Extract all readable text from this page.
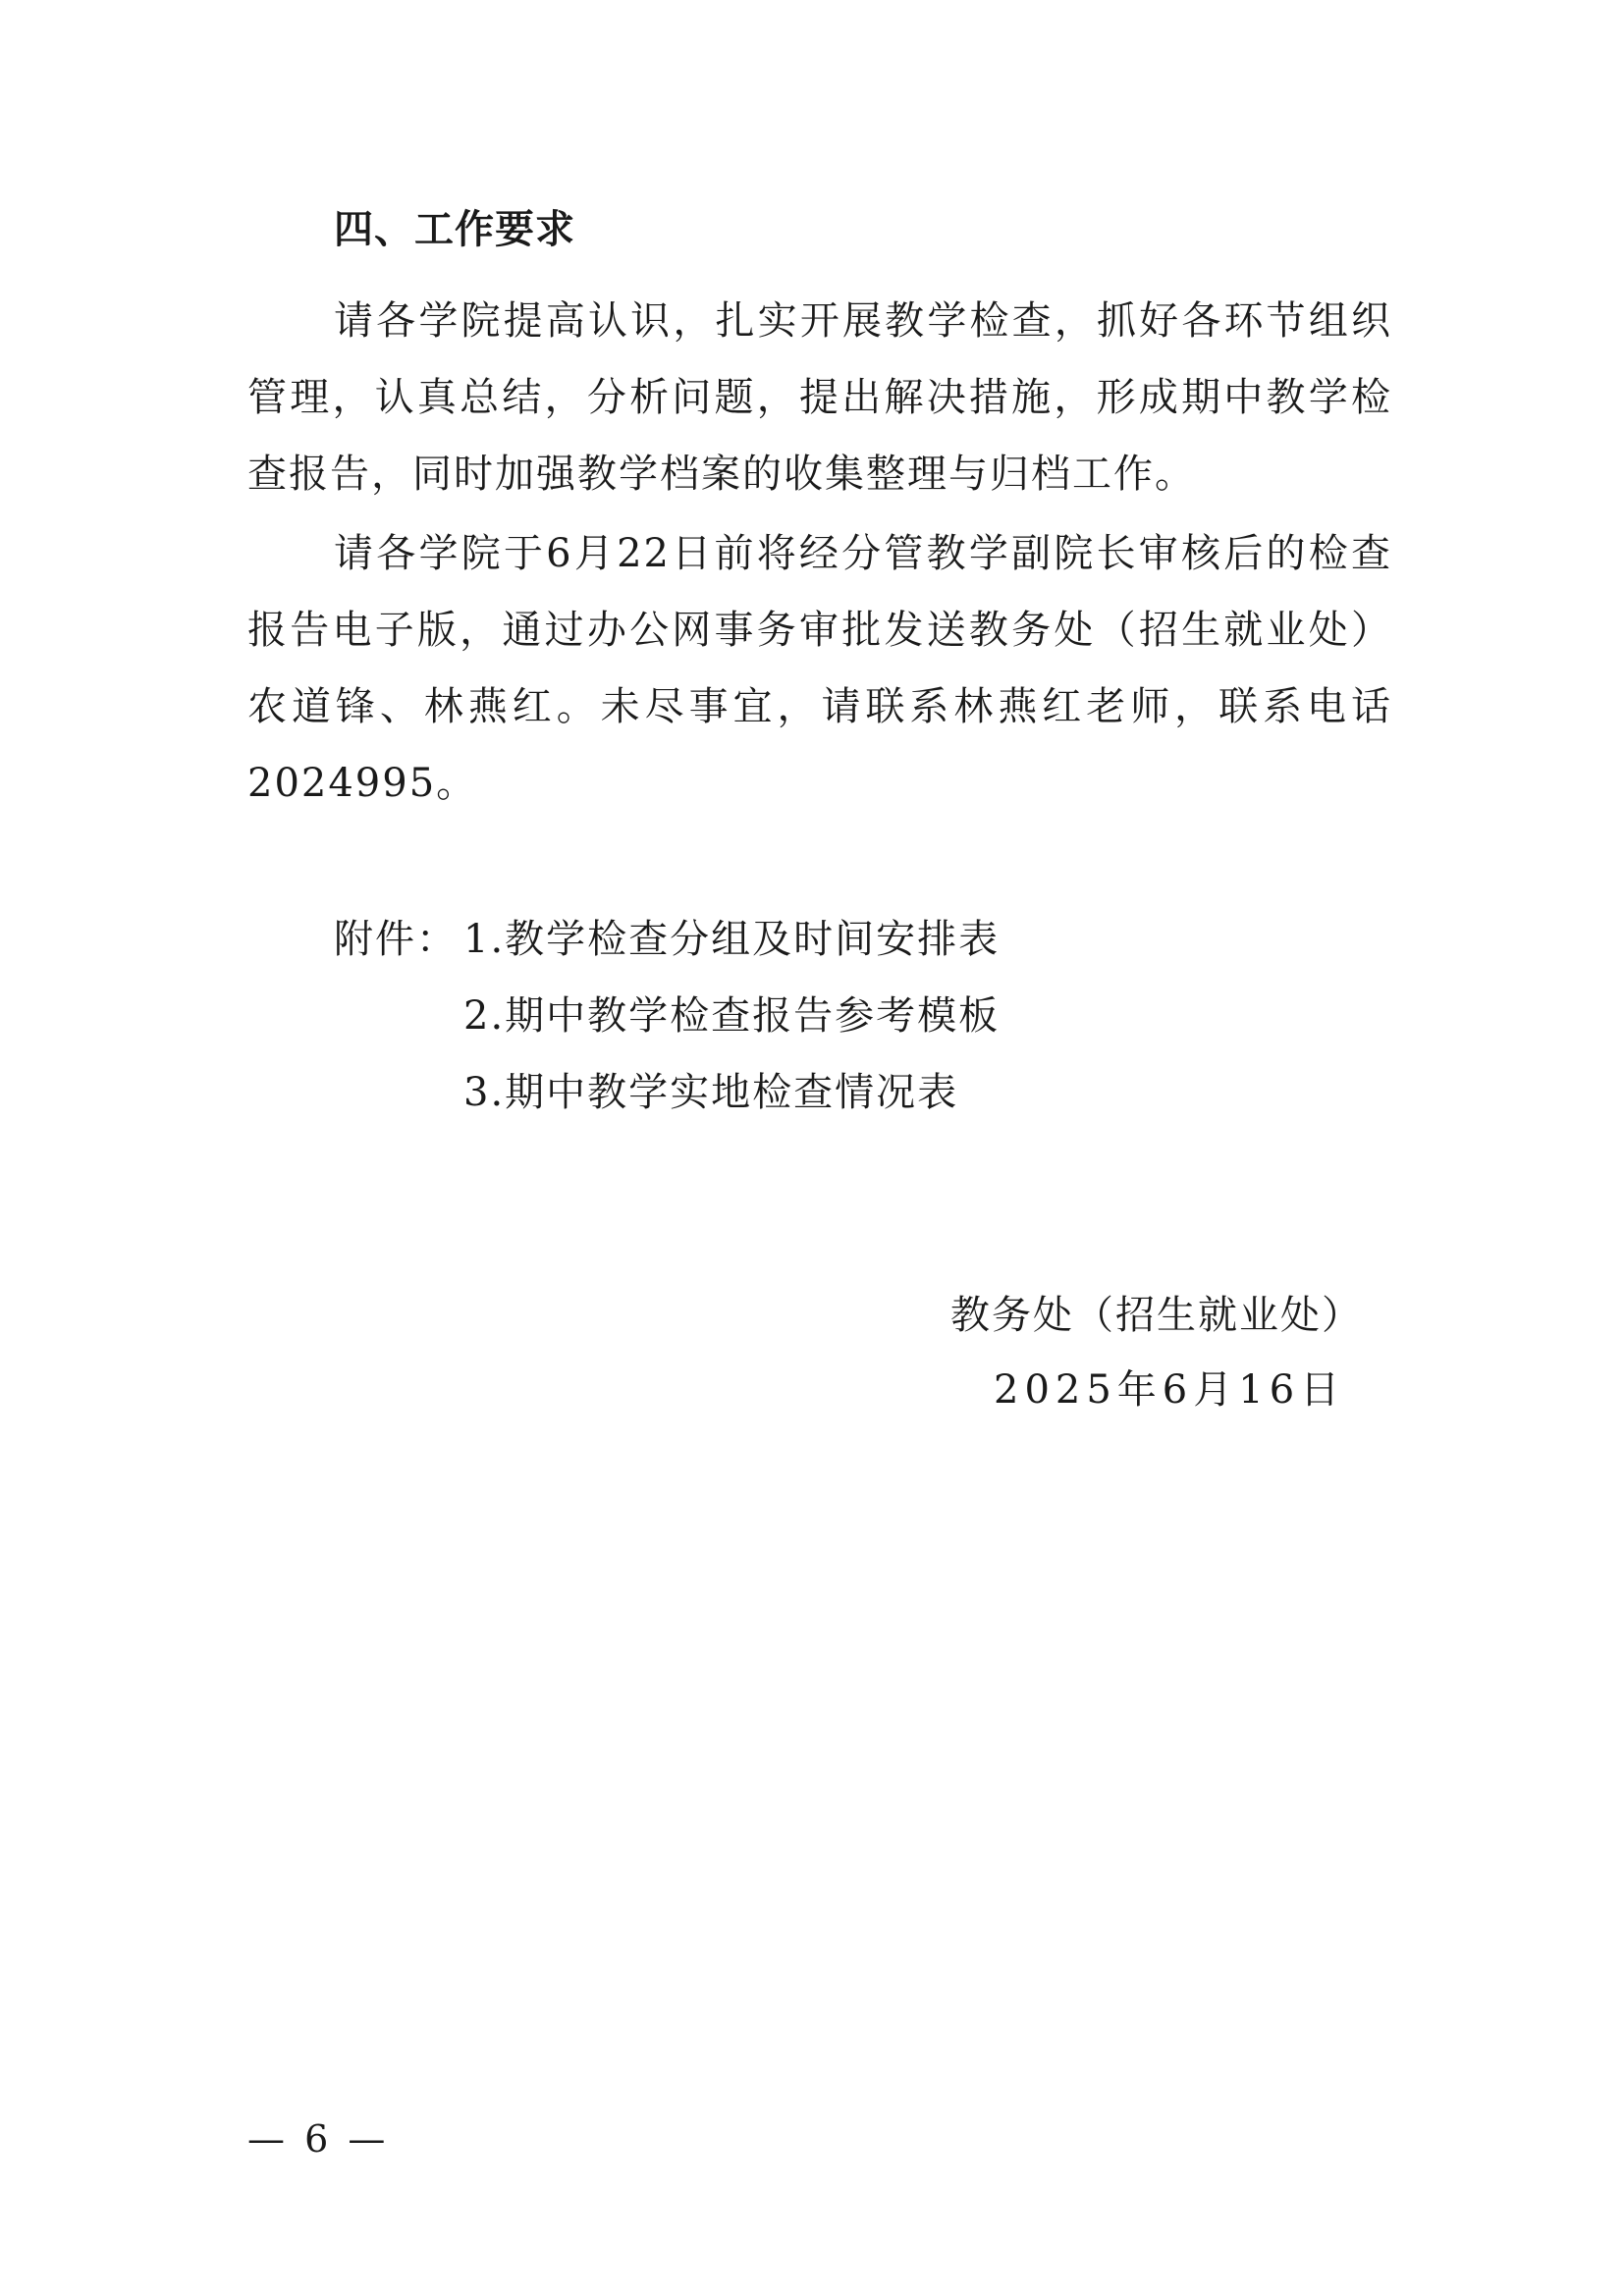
四、工作要求

请各学院提高认识，扎实开展教学检查，抓好各环节组织管理，认真总结，分析问题，提出解决措施，形成期中教学检查报告，同时加强教学档案的收集整理与归档工作。

请各学院于6月22日前将经分管教学副院长审核后的检查报告电子版，通过办公网事务审批发送教务处（招生就业处）农道锋、林燕红。未尽事宜，请联系林燕红老师，联系电话2024995。

附件： 1.教学检查分组及时间安排表
2.期中教学检查报告参考模板
3.期中教学实地检查情况表
教务处（招生就业处）
2025年6月16日
— 6 —
